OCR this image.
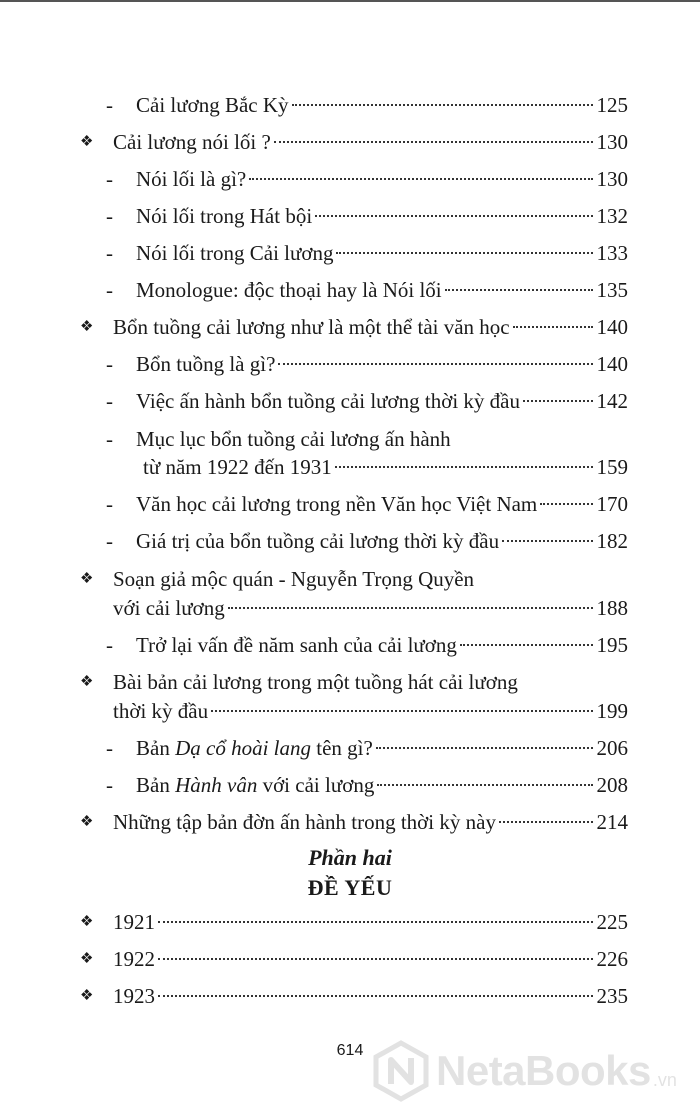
- Cải lương Bắc Kỳ	125
❖ Cải lương nói lối ?	130
- Nói lối là gì?	130
- Nói lối trong Hát bội	132
- Nói lối trong Cải lương	133
- Monologue: độc thoại hay là Nói lối	135
❖ Bổn tuồng cải lương như là một thể tài văn học	140
- Bổn tuồng là gì?	140
- Việc ấn hành bổn tuồng cải lương thời kỳ đầu	142
- Mục lục bổn tuồng cải lương ấn hành
từ năm 1922 đến 1931	159
- Văn học cải lương trong nền Văn học Việt Nam	170
- Giá trị của bổn tuồng cải lương thời kỳ đầu	182
❖ Soạn giả mộc quán - Nguyễn Trọng Quyền
với cải lương	188
- Trở lại vấn đề năm sanh của cải lương	195
❖ Bài bản cải lương trong một tuồng hát cải lương
thời kỳ đầu	199
- Bản Dạ cổ hoài lang tên gì?	206
- Bản Hành vân với cải lương	208
❖ Những tập bản đờn ấn hành trong thời kỳ này	214
Phần hai
ĐỀ YẾU
❖ 1921	225
❖ 1922	226
❖ 1923	235
614	NetaBooks .vn
